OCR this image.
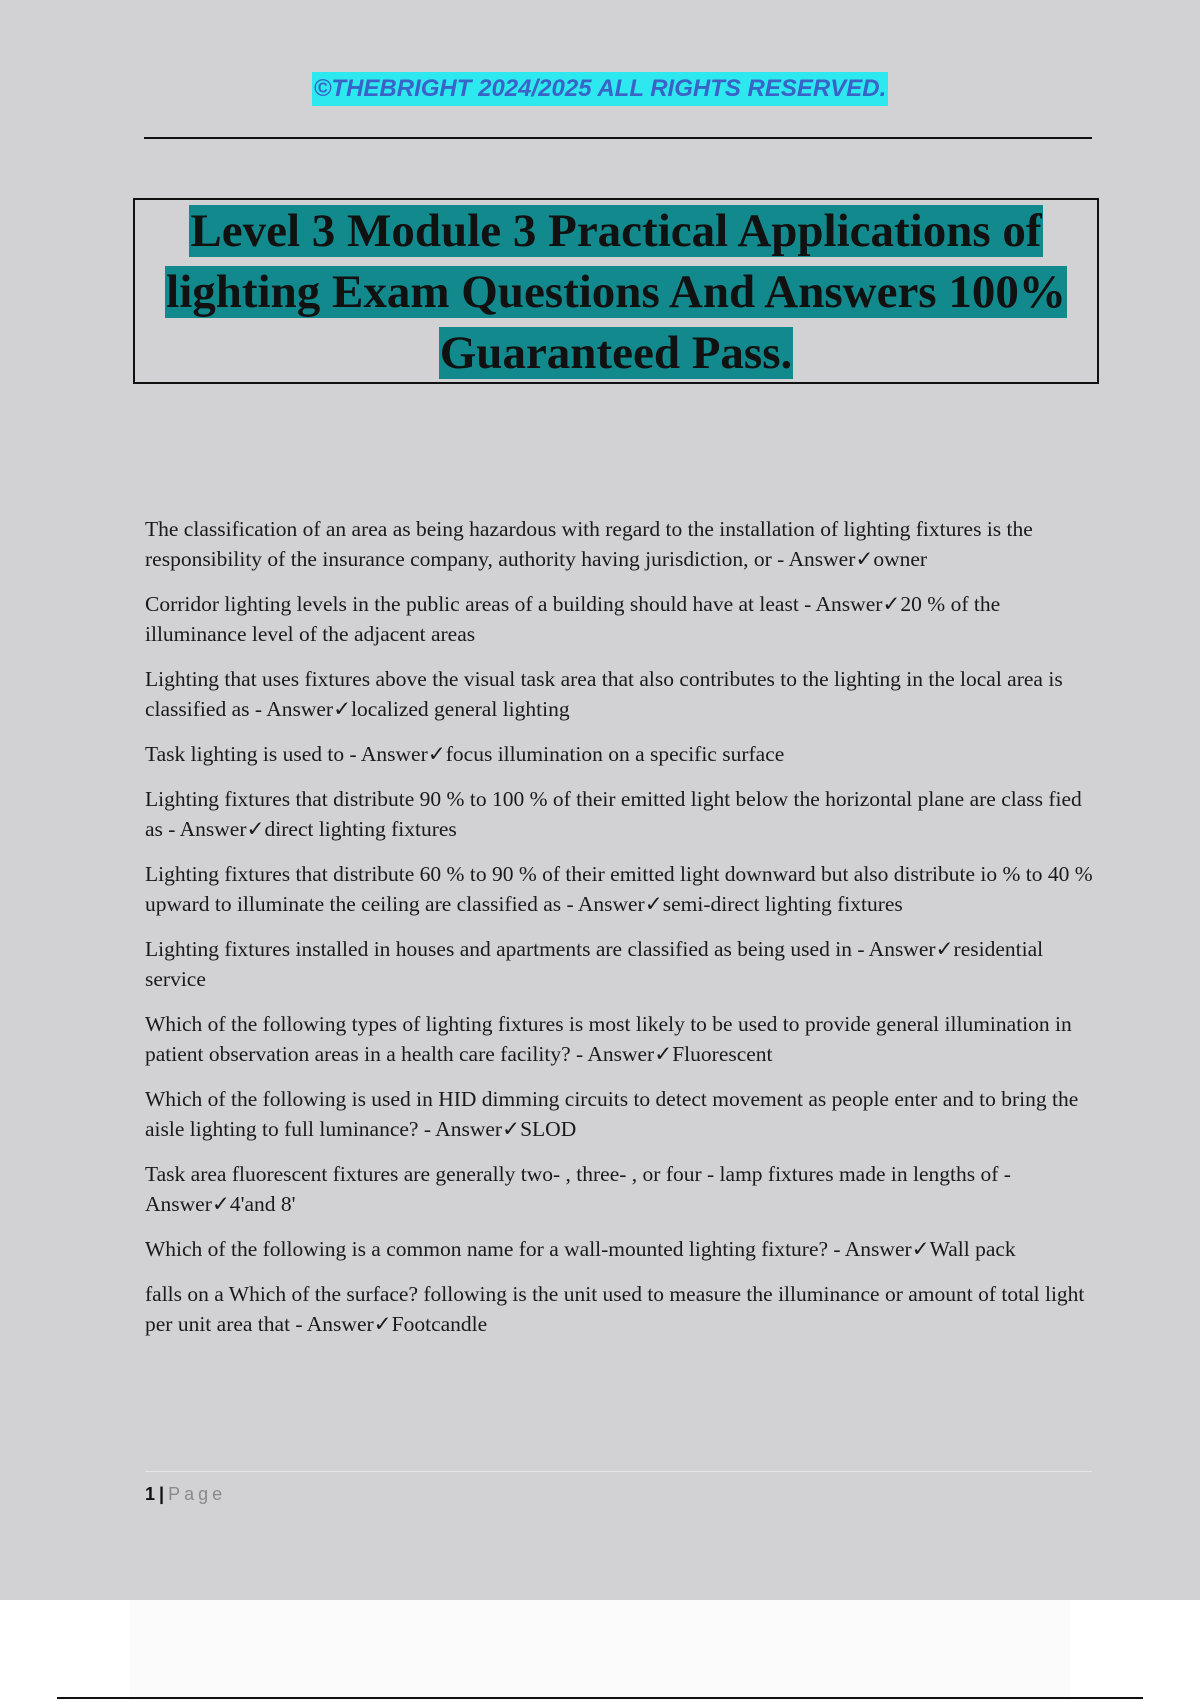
©THEBRIGHT 2024/2025 ALL RIGHTS RESERVED.
Level 3 Module 3 Practical Applications of
lighting Exam Questions And Answers 100%
Guaranteed Pass.
The classification of an area as being hazardous with regard to the installation of lighting fixtures is the responsibility of the insurance company, authority having jurisdiction, or - Answer✓owner
Corridor lighting levels in the public areas of a building should have at least - Answer✓20 % of the illuminance level of the adjacent areas
Lighting that uses fixtures above the visual task area that also contributes to the lighting in the local area is classified as - Answer✓localized general lighting
Task lighting is used to - Answer✓focus illumination on a specific surface
Lighting fixtures that distribute 90 % to 100 % of their emitted light below the horizontal plane are class fied as - Answer✓direct lighting fixtures
Lighting fixtures that distribute 60 % to 90 % of their emitted light downward but also distribute io % to 40 % upward to illuminate the ceiling are classified as - Answer✓semi-direct lighting fixtures
Lighting fixtures installed in houses and apartments are classified as being used in - Answer✓residential service
Which of the following types of lighting fixtures is most likely to be used to provide general illumination in patient observation areas in a health care facility? - Answer✓Fluorescent
Which of the following is used in HID dimming circuits to detect movement as people enter and to bring the aisle lighting to full luminance? - Answer✓SLOD
Task area fluorescent fixtures are generally two- , three- , or four - lamp fixtures made in lengths of - Answer✓4'and 8'
Which of the following is a common name for a wall-mounted lighting fixture? - Answer✓Wall pack
falls on a Which of the surface? following is the unit used to measure the illuminance or amount of total light per unit area that - Answer✓Footcandle
1 | Page
